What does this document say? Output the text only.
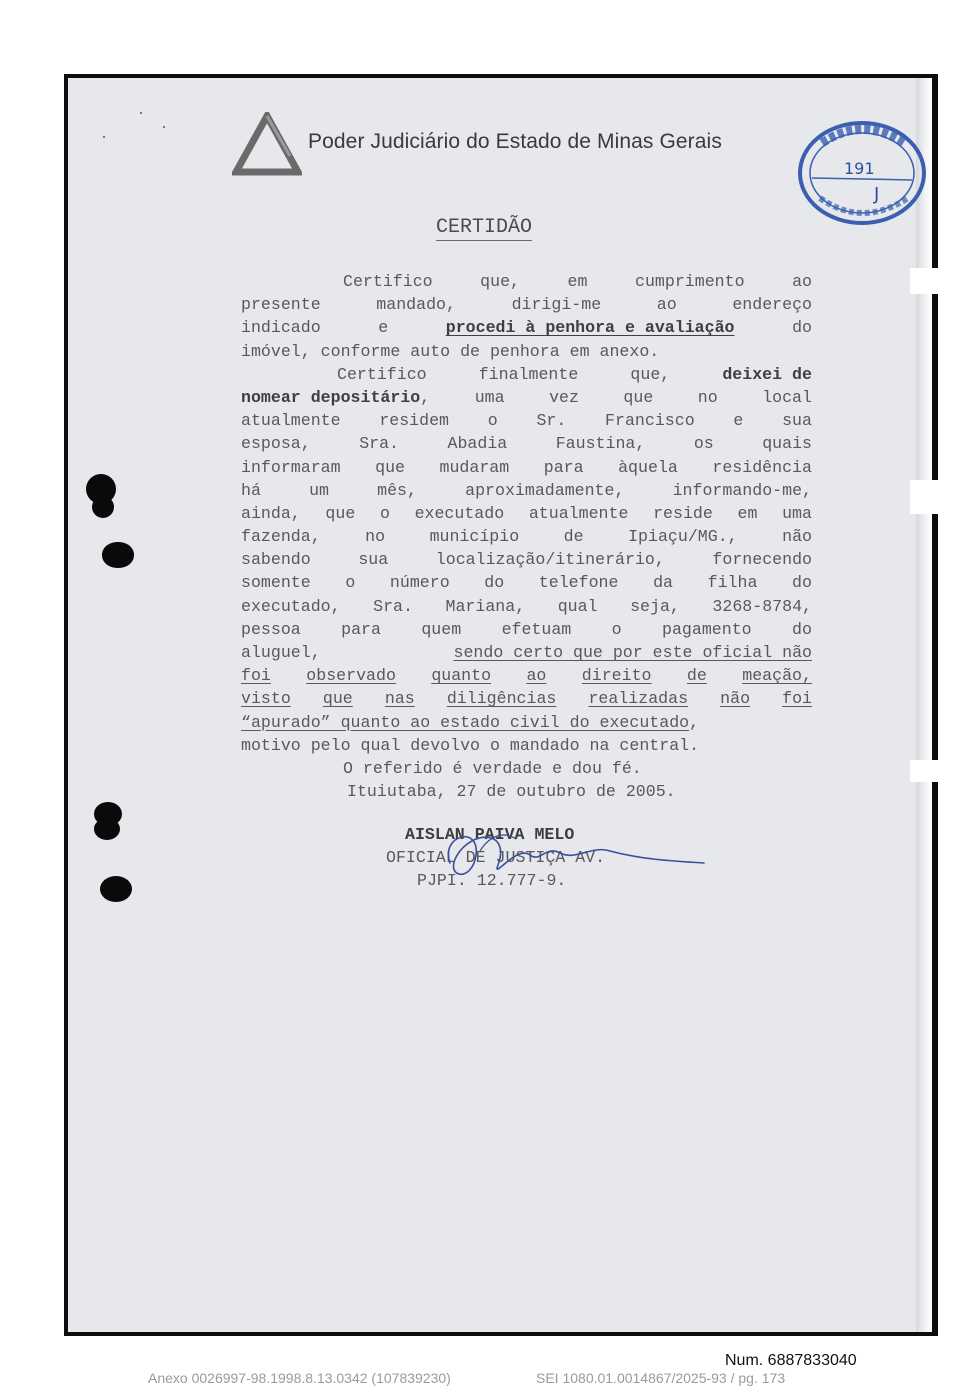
Poder Judiciário do Estado de Minas Gerais
191
J
CERTIDÃO
Certifico	que,	em	cumprimento	ao
presente	mandado,	dirigi-me	ao	endereço
indicado	e	procedi à penhora e avaliação	do
imóvel, conforme auto de penhora em anexo.
Certifico	finalmente	que,	deixei de
nomear depositário,	uma	vez	que	no	local
atualmente residem o Sr. Francisco e sua
esposa,	Sra.	Abadia	Faustina,	os	quais
informaram que mudaram para àquela residência
há	um	mês,	aproximadamente,	informando-me,
ainda, que o executado atualmente reside em uma
fazenda,	no	município	de	Ipiaçu/MG.,	não
sabendo	sua	localização/itinerário,	fornecendo
somente o número do telefone da filha do
executado, Sra. Mariana, qual seja, 3268-8784,
pessoa para quem efetuam o pagamento do
aluguel,	sendo certo que por este oficial não
foi observado quanto ao direito de meação,
visto que nas diligências realizadas não foi
“apurado” quanto ao estado civil do executado ,
motivo pelo qual devolvo o mandado na central.
O referido é verdade e dou fé.
Ituiutaba, 27 de outubro de 2005.
AISLAN PAIVA MELO
OFICIAL DE JUSTIÇA AV.
PJPI. 12.777-9.
Num. 6887833040
Anexo 0026997-98.1998.8.13.0342 (107839230)	SEI 1080.01.0014867/2025-93 / pg. 173
